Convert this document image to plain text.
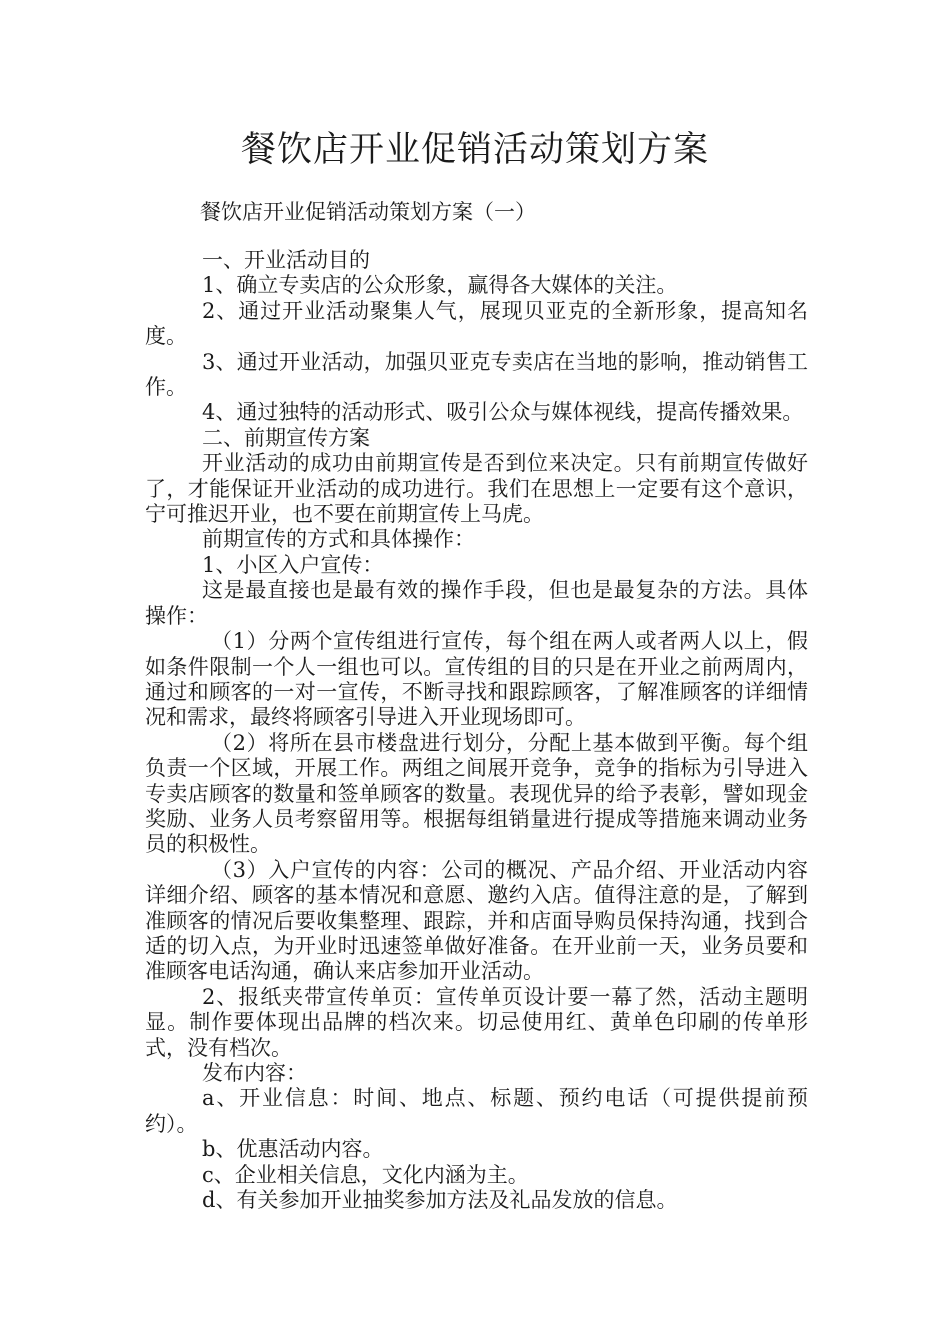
餐饮店开业促销活动策划方案

餐饮店开业促销活动策划方案（一）

一、开业活动目的

1、确立专卖店的公众形象，赢得各大媒体的关注。

2、通过开业活动聚集人气，展现贝亚克的全新形象，提高知名度。

3、通过开业活动，加强贝亚克专卖店在当地的影响，推动销售工作。

4、通过独特的活动形式、吸引公众与媒体视线，提高传播效果。

二、前期宣传方案

开业活动的成功由前期宣传是否到位来决定。只有前期宣传做好了，才能保证开业活动的成功进行。我们在思想上一定要有这个意识，宁可推迟开业，也不要在前期宣传上马虎。

前期宣传的方式和具体操作：

1、小区入户宣传：

这是最直接也是最有效的操作手段，但也是最复杂的方法。具体操作：

（1）分两个宣传组进行宣传，每个组在两人或者两人以上，假如条件限制一个人一组也可以。宣传组的目的只是在开业之前两周内，通过和顾客的一对一宣传，不断寻找和跟踪顾客，了解准顾客的详细情况和需求，最终将顾客引导进入开业现场即可。

（2）将所在县市楼盘进行划分，分配上基本做到平衡。每个组负责一个区域，开展工作。两组之间展开竞争，竞争的指标为引导进入专卖店顾客的数量和签单顾客的数量。表现优异的给予表彰，譬如现金奖励、业务人员考察留用等。根据每组销量进行提成等措施来调动业务员的积极性。

（3）入户宣传的内容：公司的概况、产品介绍、开业活动内容详细介绍、顾客的基本情况和意愿、邀约入店。值得注意的是，了解到准顾客的情况后要收集整理、跟踪，并和店面导购员保持沟通，找到合适的切入点，为开业时迅速签单做好准备。在开业前一天，业务员要和准顾客电话沟通，确认来店参加开业活动。

2、报纸夹带宣传单页：宣传单页设计要一幕了然，活动主题明显。制作要体现出品牌的档次来。切忌使用红、黄单色印刷的传单形式，没有档次。

发布内容：

a、开业信息：时间、地点、标题、预约电话（可提供提前预约）。

b、优惠活动内容。

c、企业相关信息，文化内涵为主。

d、有关参加开业抽奖参加方法及礼品发放的信息。
